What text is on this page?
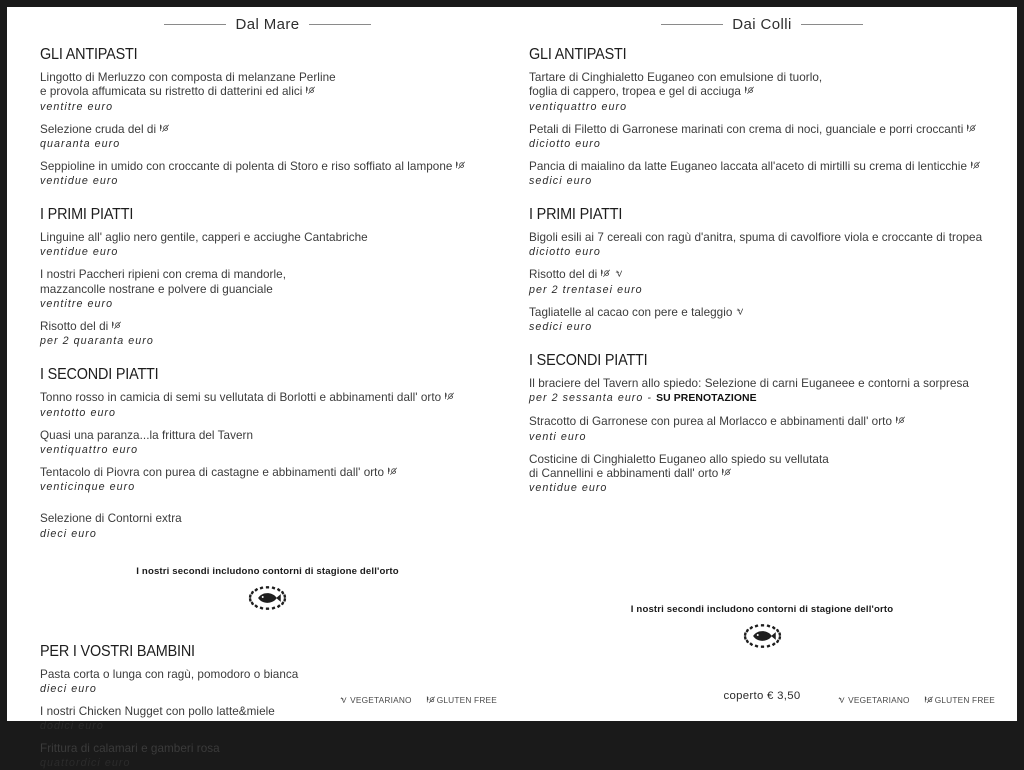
Dal Mare
GLI ANTIPASTI
Lingotto di Merluzzo con composta di melanzane Perline
e provola affumicata su ristretto di datterini ed alici
ventitre euro
Selezione cruda del di
quaranta euro
Seppioline in umido con croccante di polenta di Storo e riso soffiato al lampone
ventidue euro
I PRIMI PIATTI
Linguine all' aglio nero gentile, capperi e acciughe Cantabriche
ventidue euro
I nostri Paccheri ripieni con crema di mandorle,
mazzancolle nostrane e polvere di guanciale
ventitre euro
Risotto del di
per 2 quaranta euro
I SECONDI PIATTI
Tonno rosso in camicia di semi su vellutata di Borlotti e abbinamenti dall' orto
ventotto euro
Quasi una paranza...la frittura del Tavern
ventiquattro euro
Tentacolo di Piovra con purea di castagne e abbinamenti dall' orto
venticinque euro
Selezione di Contorni extra
dieci euro
I nostri secondi includono contorni di stagione dell'orto
PER I VOSTRI BAMBINI
Pasta corta o lunga con ragù, pomodoro o bianca
dieci euro
I nostri Chicken Nugget con pollo latte&miele
dodici euro
Frittura di calamari e gamberi rosa
quattordici euro
VEGETARIANO	GLUTEN FREE
Dai Colli
GLI ANTIPASTI
Tartare di Cinghialetto Euganeo con emulsione di tuorlo,
foglia di cappero, tropea e gel di acciuga
ventiquattro euro
Petali di Filetto di Garronese marinati con crema di noci, guanciale e porri croccanti
diciotto euro
Pancia di maialino da latte Euganeo laccata all'aceto di mirtilli su crema di lenticchie
sedici euro
I PRIMI PIATTI
Bigoli esili ai 7 cereali con ragù d'anitra, spuma di cavolfiore viola e croccante di tropea
diciotto euro
Risotto del di
per 2 trentasei euro
Tagliatelle al cacao con pere e taleggio
sedici euro
I SECONDI PIATTI
Il braciere del Tavern allo spiedo: Selezione di carni Euganeee e contorni a sorpresa
per 2 sessanta euro - SU PRENOTAZIONE
Stracotto di Garronese con purea al Morlacco e abbinamenti dall' orto
venti euro
Costicine di Cinghialetto Euganeo allo spiedo su vellutata
di Cannellini e abbinamenti dall' orto
ventidue euro
I nostri secondi includono contorni di stagione dell'orto
coperto € 3,50	VEGETARIANO	GLUTEN FREE
